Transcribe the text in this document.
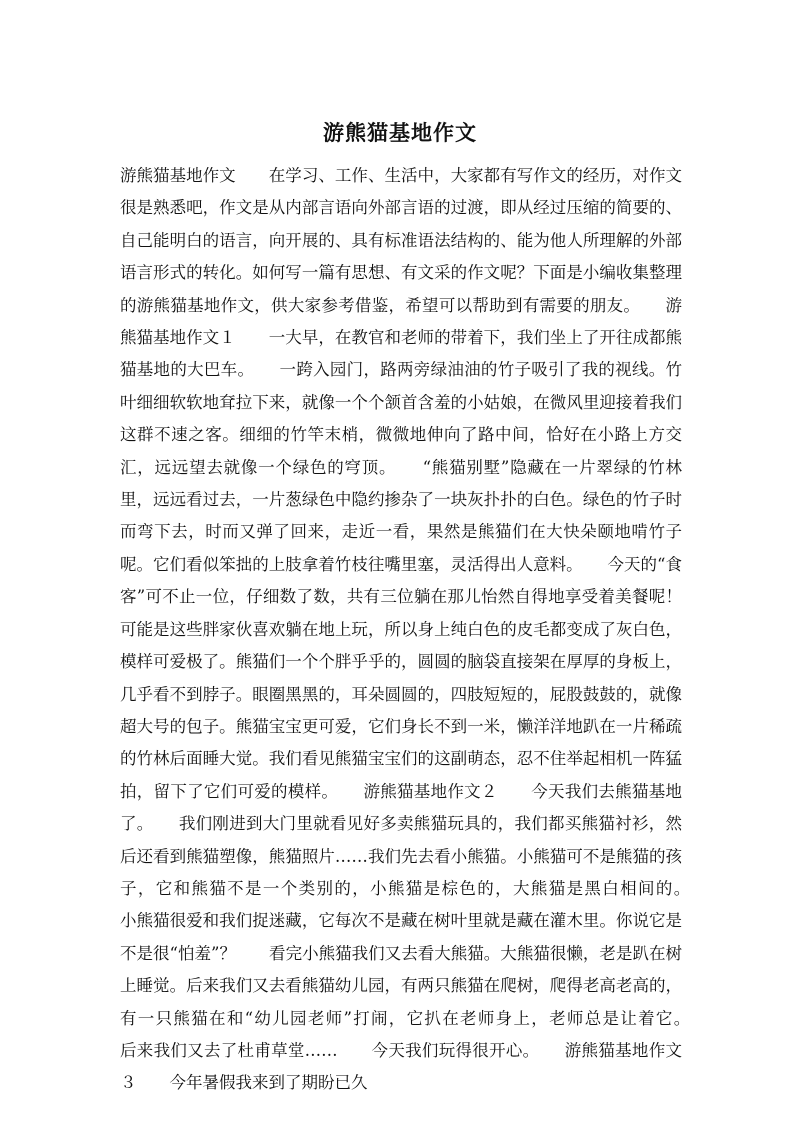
游熊猫基地作文
游熊猫基地作文　　在学习、工作、生活中，大家都有写作文的经历，对作文很是熟悉吧，作文是从内部言语向外部言语的过渡，即从经过压缩的简要的、自己能明白的语言，向开展的、具有标准语法结构的、能为他人所理解的外部语言形式的转化。如何写一篇有思想、有文采的作文呢？下面是小编收集整理的游熊猫基地作文，供大家参考借鉴，希望可以帮助到有需要的朋友。　　游熊猫基地作文１　　一大早，在教官和老师的带着下，我们坐上了开往成都熊猫基地的大巴车。　　一跨入园门，路两旁绿油油的竹子吸引了我的视线。竹叶细细软软地耷拉下来，就像一个个颔首含羞的小姑娘，在微风里迎接着我们这群不速之客。细细的竹竿末梢，微微地伸向了路中间，恰好在小路上方交汇，远远望去就像一个绿色的穹顶。　　“熊猫别墅”隐藏在一片翠绿的竹林里，远远看过去，一片葱绿色中隐约掺杂了一块灰扑扑的白色。绿色的竹子时而弯下去，时而又弹了回来，走近一看，果然是熊猫们在大快朵颐地啃竹子呢。它们看似笨拙的上肢拿着竹枝往嘴里塞，灵活得出人意料。　　今天的“食客”可不止一位，仔细数了数，共有三位躺在那儿怡然自得地享受着美餐呢！可能是这些胖家伙喜欢躺在地上玩，所以身上纯白色的皮毛都变成了灰白色，模样可爱极了。熊猫们一个个胖乎乎的，圆圆的脑袋直接架在厚厚的身板上，几乎看不到脖子。眼圈黑黑的，耳朵圆圆的，四肢短短的，屁股鼓鼓的，就像超大号的包子。熊猫宝宝更可爱，它们身长不到一米，懒洋洋地趴在一片稀疏的竹林后面睡大觉。我们看见熊猫宝宝们的这副萌态，忍不住举起相机一阵猛拍，留下了它们可爱的模样。　　游熊猫基地作文２　　今天我们去熊猫基地了。　　我们刚进到大门里就看见好多卖熊猫玩具的，我们都买熊猫衬衫，然后还看到熊猫塑像，熊猫照片……我们先去看小熊猫。小熊猫可不是熊猫的孩子，它和熊猫不是一个类别的，小熊猫是棕色的，大熊猫是黑白相间的。　　小熊猫很爱和我们捉迷藏，它每次不是藏在树叶里就是藏在灌木里。你说它是不是很“怕羞”？　　看完小熊猫我们又去看大熊猫。大熊猫很懒，老是趴在树上睡觉。后来我们又去看熊猫幼儿园，有两只熊猫在爬树，爬得老高老高的，有一只熊猫在和“幼儿园老师”打闹，它扒在老师身上，老师总是让着它。　　后来我们又去了杜甫草堂……　　今天我们玩得很开心。　　游熊猫基地作文３　　今年暑假我来到了期盼已久
